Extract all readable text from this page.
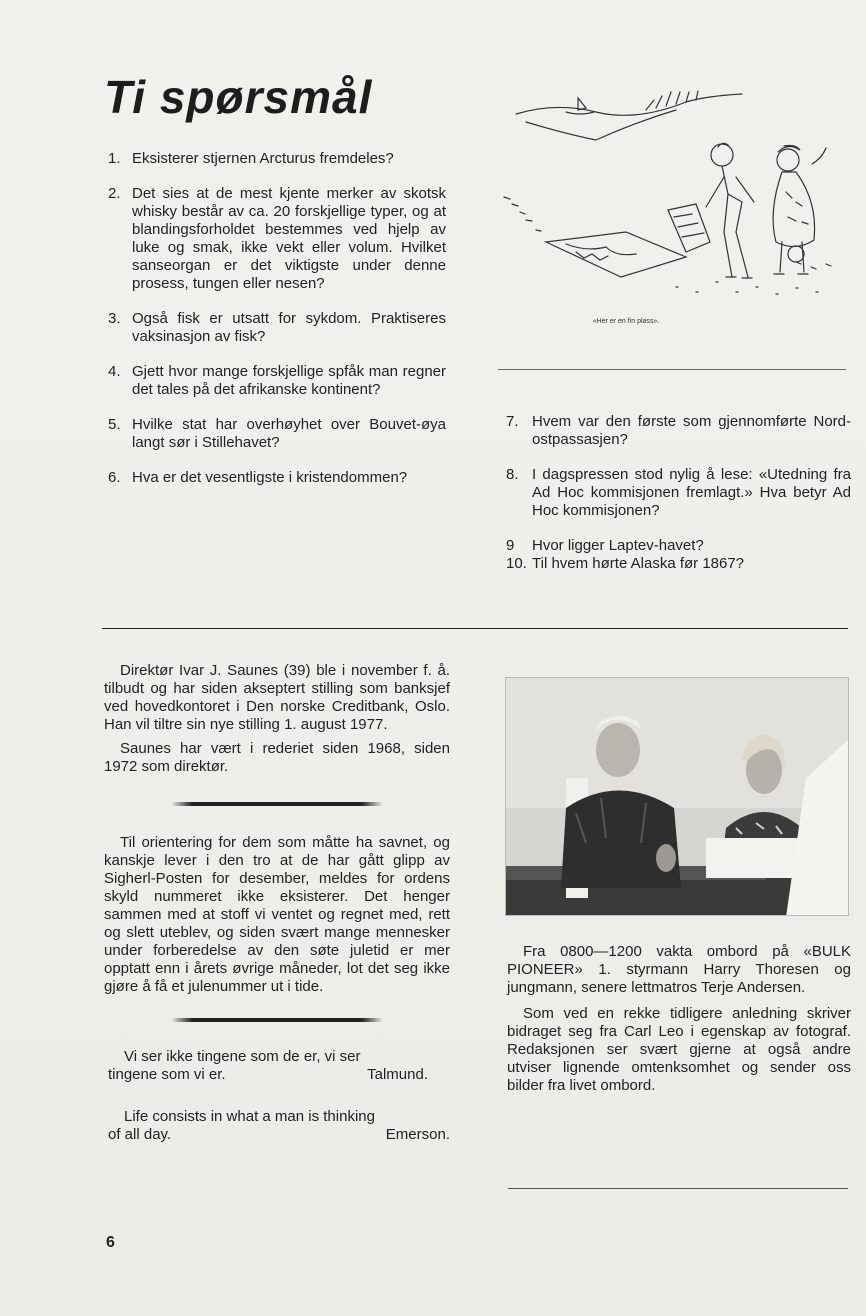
Ti spørsmål
1. Eksisterer stjernen Arcturus fremdeles?
2. Det sies at de mest kjente merker av skotsk whisky består av ca. 20 forskjellige typer, og at blandingsforholdet bestemmes ved hjelp av luke og smak, ikke vekt eller volum. Hvilket sanseorgan er det viktigste under denne prosess, tungen eller nesen?
3. Også fisk er utsatt for sykdom. Praktiseres vaksinasjon av fisk?
4. Gjett hvor mange forskjellige spfåk man regner det tales på det afrikanske kontinent?
5. Hvilke stat har overhøyhet over Bouvet-øya langt sør i Stillehavet?
6. Hva er det vesentligste i kristendommen?
«Her er en fin plass».
7. Hvem var den første som gjennomførte Nord-ostpassasjen?
8. I dagspressen stod nylig å lese: «Utedning fra Ad Hoc kommisjonen fremlagt.» Hva betyr Ad Hoc kommisjonen?
9	Hvor ligger Laptev-havet?
10. Til hvem hørte Alaska før 1867?

Direktør Ivar J. Saunes (39) ble i november f. å. tilbudt og har siden akseptert stilling som banksjef ved hovedkontoret i Den norske Creditbank, Oslo. Han vil tiltre sin nye stilling 1. august 1977.

Saunes har vært i rederiet siden 1968, siden 1972 som direktør.

Til orientering for dem som måtte ha savnet, og kanskje lever i den tro at de har gått glipp av Sigherl-Posten for desember, meldes for ordens skyld nummeret ikke eksisterer. Det henger sammen med at stoff vi ventet og regnet med, rett og slett uteblev, og siden svært mange mennesker under forberedelse av den søte juletid er mer opptatt enn i årets øvrige måneder, lot det seg ikke gjøre å få et julenummer ut i tide.

Vi ser ikke tingene som de er, vi ser
tingene som vi er.	Talmund.
Life consists in what a man is thinking
of all day.	Emerson.

Fra 0800—1200 vakta ombord på «BULK PIONEER» 1. styrmann Harry Thoresen og jungmann, senere lettmatros Terje Andersen.

Som ved en rekke tidligere anledning skriver bidraget seg fra Carl Leo i egenskap av fotograf. Redaksjonen ser svært gjerne at også andre utviser lignende omtenksomhet og sender oss bilder fra livet ombord.

6
